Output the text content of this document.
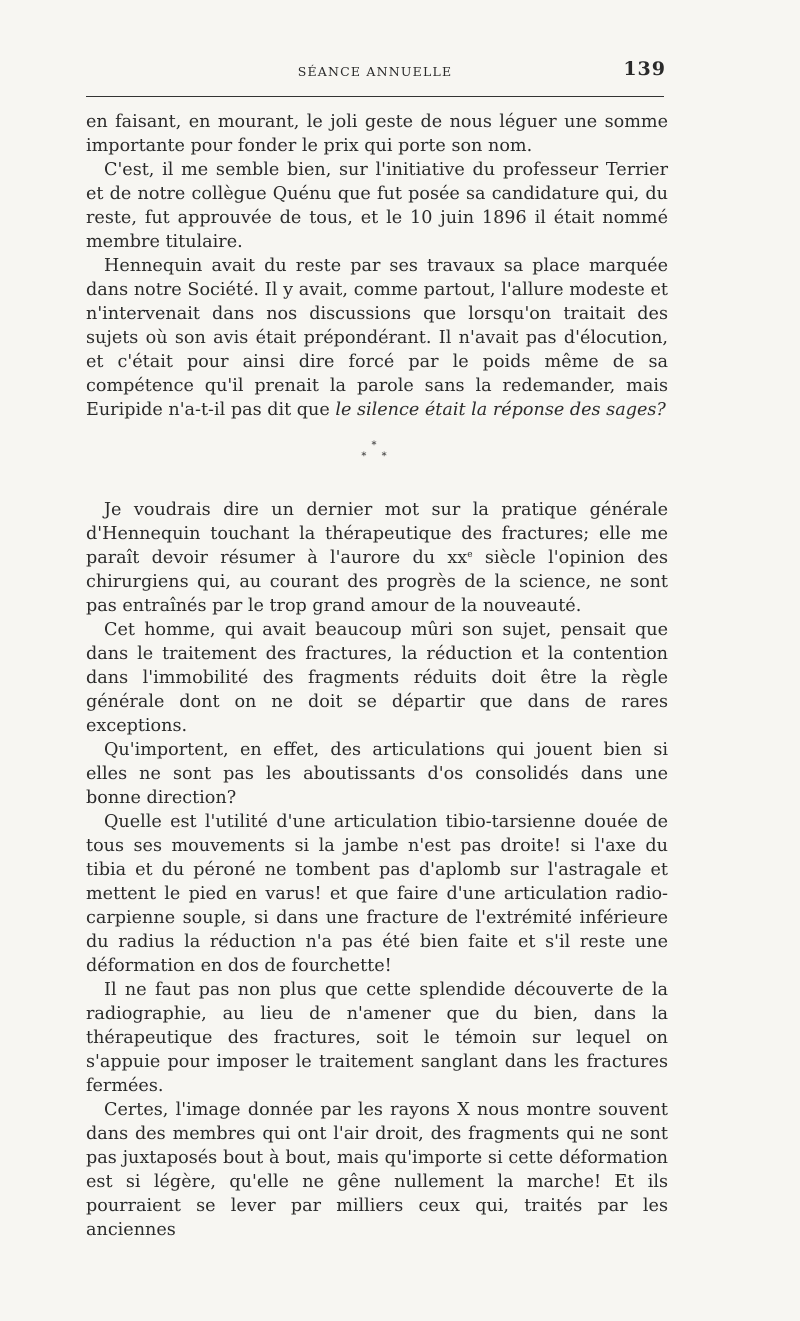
SÉANCE ANNUELLE	139

en faisant, en mourant, le joli geste de nous léguer une somme importante pour fonder le prix qui porte son nom.

C'est, il me semble bien, sur l'initiative du professeur Terrier et de notre collègue Quénu que fut posée sa candidature qui, du reste, fut approuvée de tous, et le 10 juin 1896 il était nommé membre titulaire.

Hennequin avait du reste par ses travaux sa place marquée dans notre Société. Il y avait, comme partout, l'allure modeste et n'intervenait dans nos discussions que lorsqu'on traitait des sujets où son avis était prépondérant. Il n'avait pas d'élocution, et c'était pour ainsi dire forcé par le poids même de sa compétence qu'il prenait la parole sans la redemander, mais Euripide n'a-t-il pas dit que le silence était la réponse des sages?

*
* *

Je voudrais dire un dernier mot sur la pratique générale d'Hennequin touchant la thérapeutique des fractures; elle me paraît devoir résumer à l'aurore du $xx^e$ siècle l'opinion des chirurgiens qui, au courant des progrès de la science, ne sont pas entraînés par le trop grand amour de la nouveauté.

Cet homme, qui avait beaucoup mûri son sujet, pensait que dans le traitement des fractures, la réduction et la contention dans l'immobilité des fragments réduits doit être la règle générale dont on ne doit se départir que dans de rares exceptions.

Qu'importent, en effet, des articulations qui jouent bien si elles ne sont pas les aboutissants d'os consolidés dans une bonne direction?

Quelle est l'utilité d'une articulation tibio-tarsienne douée de tous ses mouvements si la jambe n'est pas droite! si l'axe du tibia et du péroné ne tombent pas d'aplomb sur l'astragale et mettent le pied en varus! et que faire d'une articulation radio-carpienne souple, si dans une fracture de l'extrémité inférieure du radius la réduction n'a pas été bien faite et s'il reste une déformation en dos de fourchette!

Il ne faut pas non plus que cette splendide découverte de la radiographie, au lieu de n'amener que du bien, dans la thérapeutique des fractures, soit le témoin sur lequel on s'appuie pour imposer le traitement sanglant dans les fractures fermées.

Certes, l'image donnée par les rayons X nous montre souvent dans des membres qui ont l'air droit, des fragments qui ne sont pas juxtaposés bout à bout, mais qu'importe si cette déformation est si légère, qu'elle ne gêne nullement la marche! Et ils pourraient se lever par milliers ceux qui, traités par les anciennes
